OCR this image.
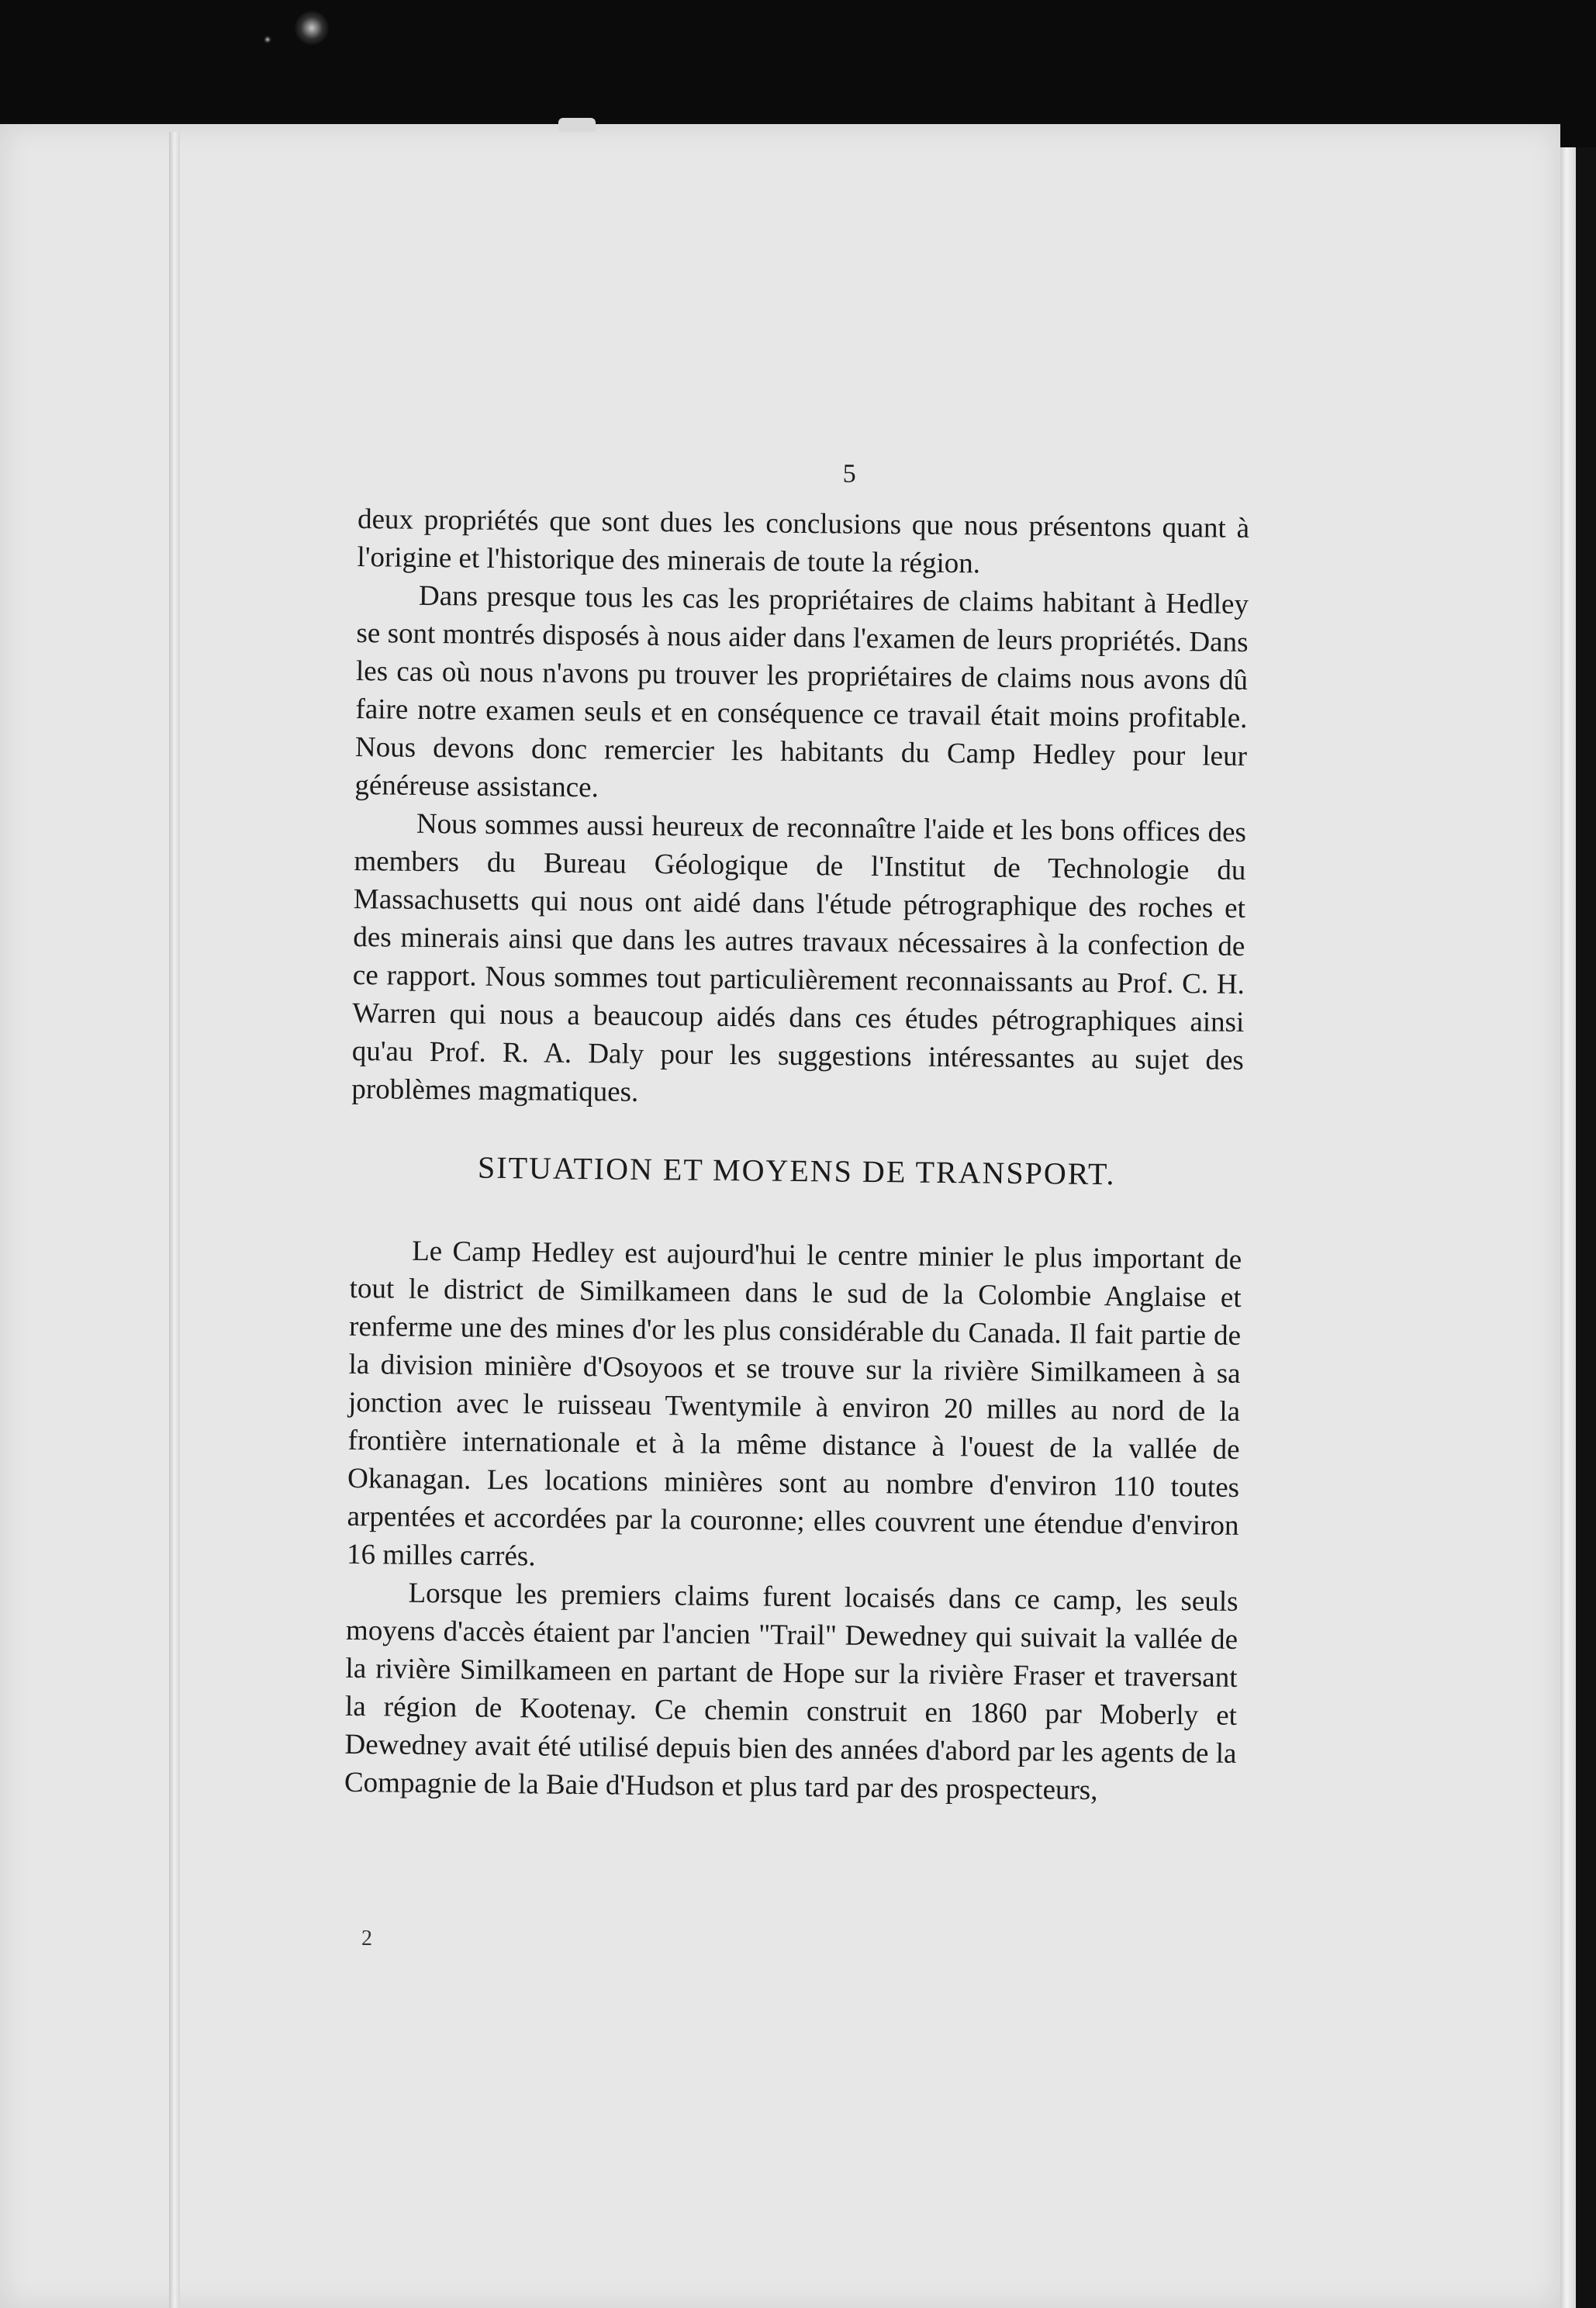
5

deux propriétés que sont dues les conclusions que nous présentons quant à l'origine et l'historique des minerais de toute la région.

Dans presque tous les cas les propriétaires de claims habitant à Hedley se sont montrés disposés à nous aider dans l'examen de leurs propriétés. Dans les cas où nous n'avons pu trouver les propriétaires de claims nous avons dû faire notre examen seuls et en conséquence ce travail était moins profitable. Nous devons donc remercier les habitants du Camp Hedley pour leur généreuse assistance.

Nous sommes aussi heureux de reconnaître l'aide et les bons offices des members du Bureau Géologique de l'Institut de Technologie du Massachusetts qui nous ont aidé dans l'étude pétrographique des roches et des minerais ainsi que dans les autres travaux nécessaires à la confection de ce rapport. Nous sommes tout particulièrement reconnaissants au Prof. C. H. Warren qui nous a beaucoup aidés dans ces études pétrographiques ainsi qu'au Prof. R. A. Daly pour les suggestions intéressantes au sujet des problèmes magmatiques.

SITUATION ET MOYENS DE TRANSPORT.

Le Camp Hedley est aujourd'hui le centre minier le plus important de tout le district de Similkameen dans le sud de la Colombie Anglaise et renferme une des mines d'or les plus considérable du Canada. Il fait partie de la division minière d'Osoyoos et se trouve sur la rivière Similkameen à sa jonction avec le ruisseau Twentymile à environ 20 milles au nord de la frontière internationale et à la même distance à l'ouest de la vallée de Okanagan. Les locations minières sont au nombre d'environ 110 toutes arpentées et accordées par la couronne; elles couvrent une étendue d'environ 16 milles carrés.

Lorsque les premiers claims furent locaisés dans ce camp, les seuls moyens d'accès étaient par l'ancien "Trail" Dewedney qui suivait la vallée de la rivière Similkameen en partant de Hope sur la rivière Fraser et traversant la région de Kootenay. Ce chemin construit en 1860 par Moberly et Dewedney avait été utilisé depuis bien des années d'abord par les agents de la Compagnie de la Baie d'Hudson et plus tard par des prospecteurs,

2
